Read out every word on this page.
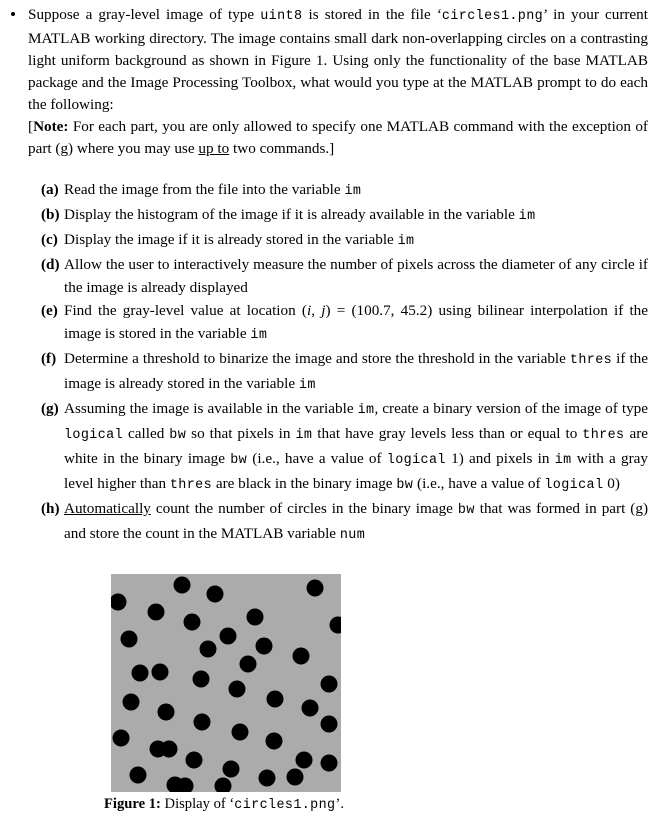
Suppose a gray-level image of type uint8 is stored in the file ‘circles1.png’ in your current MATLAB working directory. The image contains small dark non-overlapping circles on a contrasting light uniform background as shown in Figure 1. Using only the functionality of the base MATLAB package and the Image Processing Toolbox, what would you type at the MATLAB prompt to do each the following:

[Note: For each part, you are only allowed to specify one MATLAB command with the exception of part (g) where you may use up to two commands.]

(a) Read the image from the file into the variable im
(b) Display the histogram of the image if it is already available in the variable im
(c) Display the image if it is already stored in the variable im
(d) Allow the user to interactively measure the number of pixels across the diameter of any circle if the image is already displayed
(e) Find the gray-level value at location (i, j) = (100.7, 45.2) using bilinear interpolation if the image is stored in the variable im
(f) Determine a threshold to binarize the image and store the threshold in the variable thres if the image is already stored in the variable im
(g) Assuming the image is available in the variable im, create a binary version of the image of type logical called bw so that pixels in im that have gray levels less than or equal to thres are white in the binary image bw (i.e., have a value of logical 1) and pixels in im with a gray level higher than thres are black in the binary image bw (i.e., have a value of logical 0)
(h) Automatically count the number of circles in the binary image bw that was formed in part (g) and store the count in the MATLAB variable num
Figure 1: Display of ‘circles1.png’.
